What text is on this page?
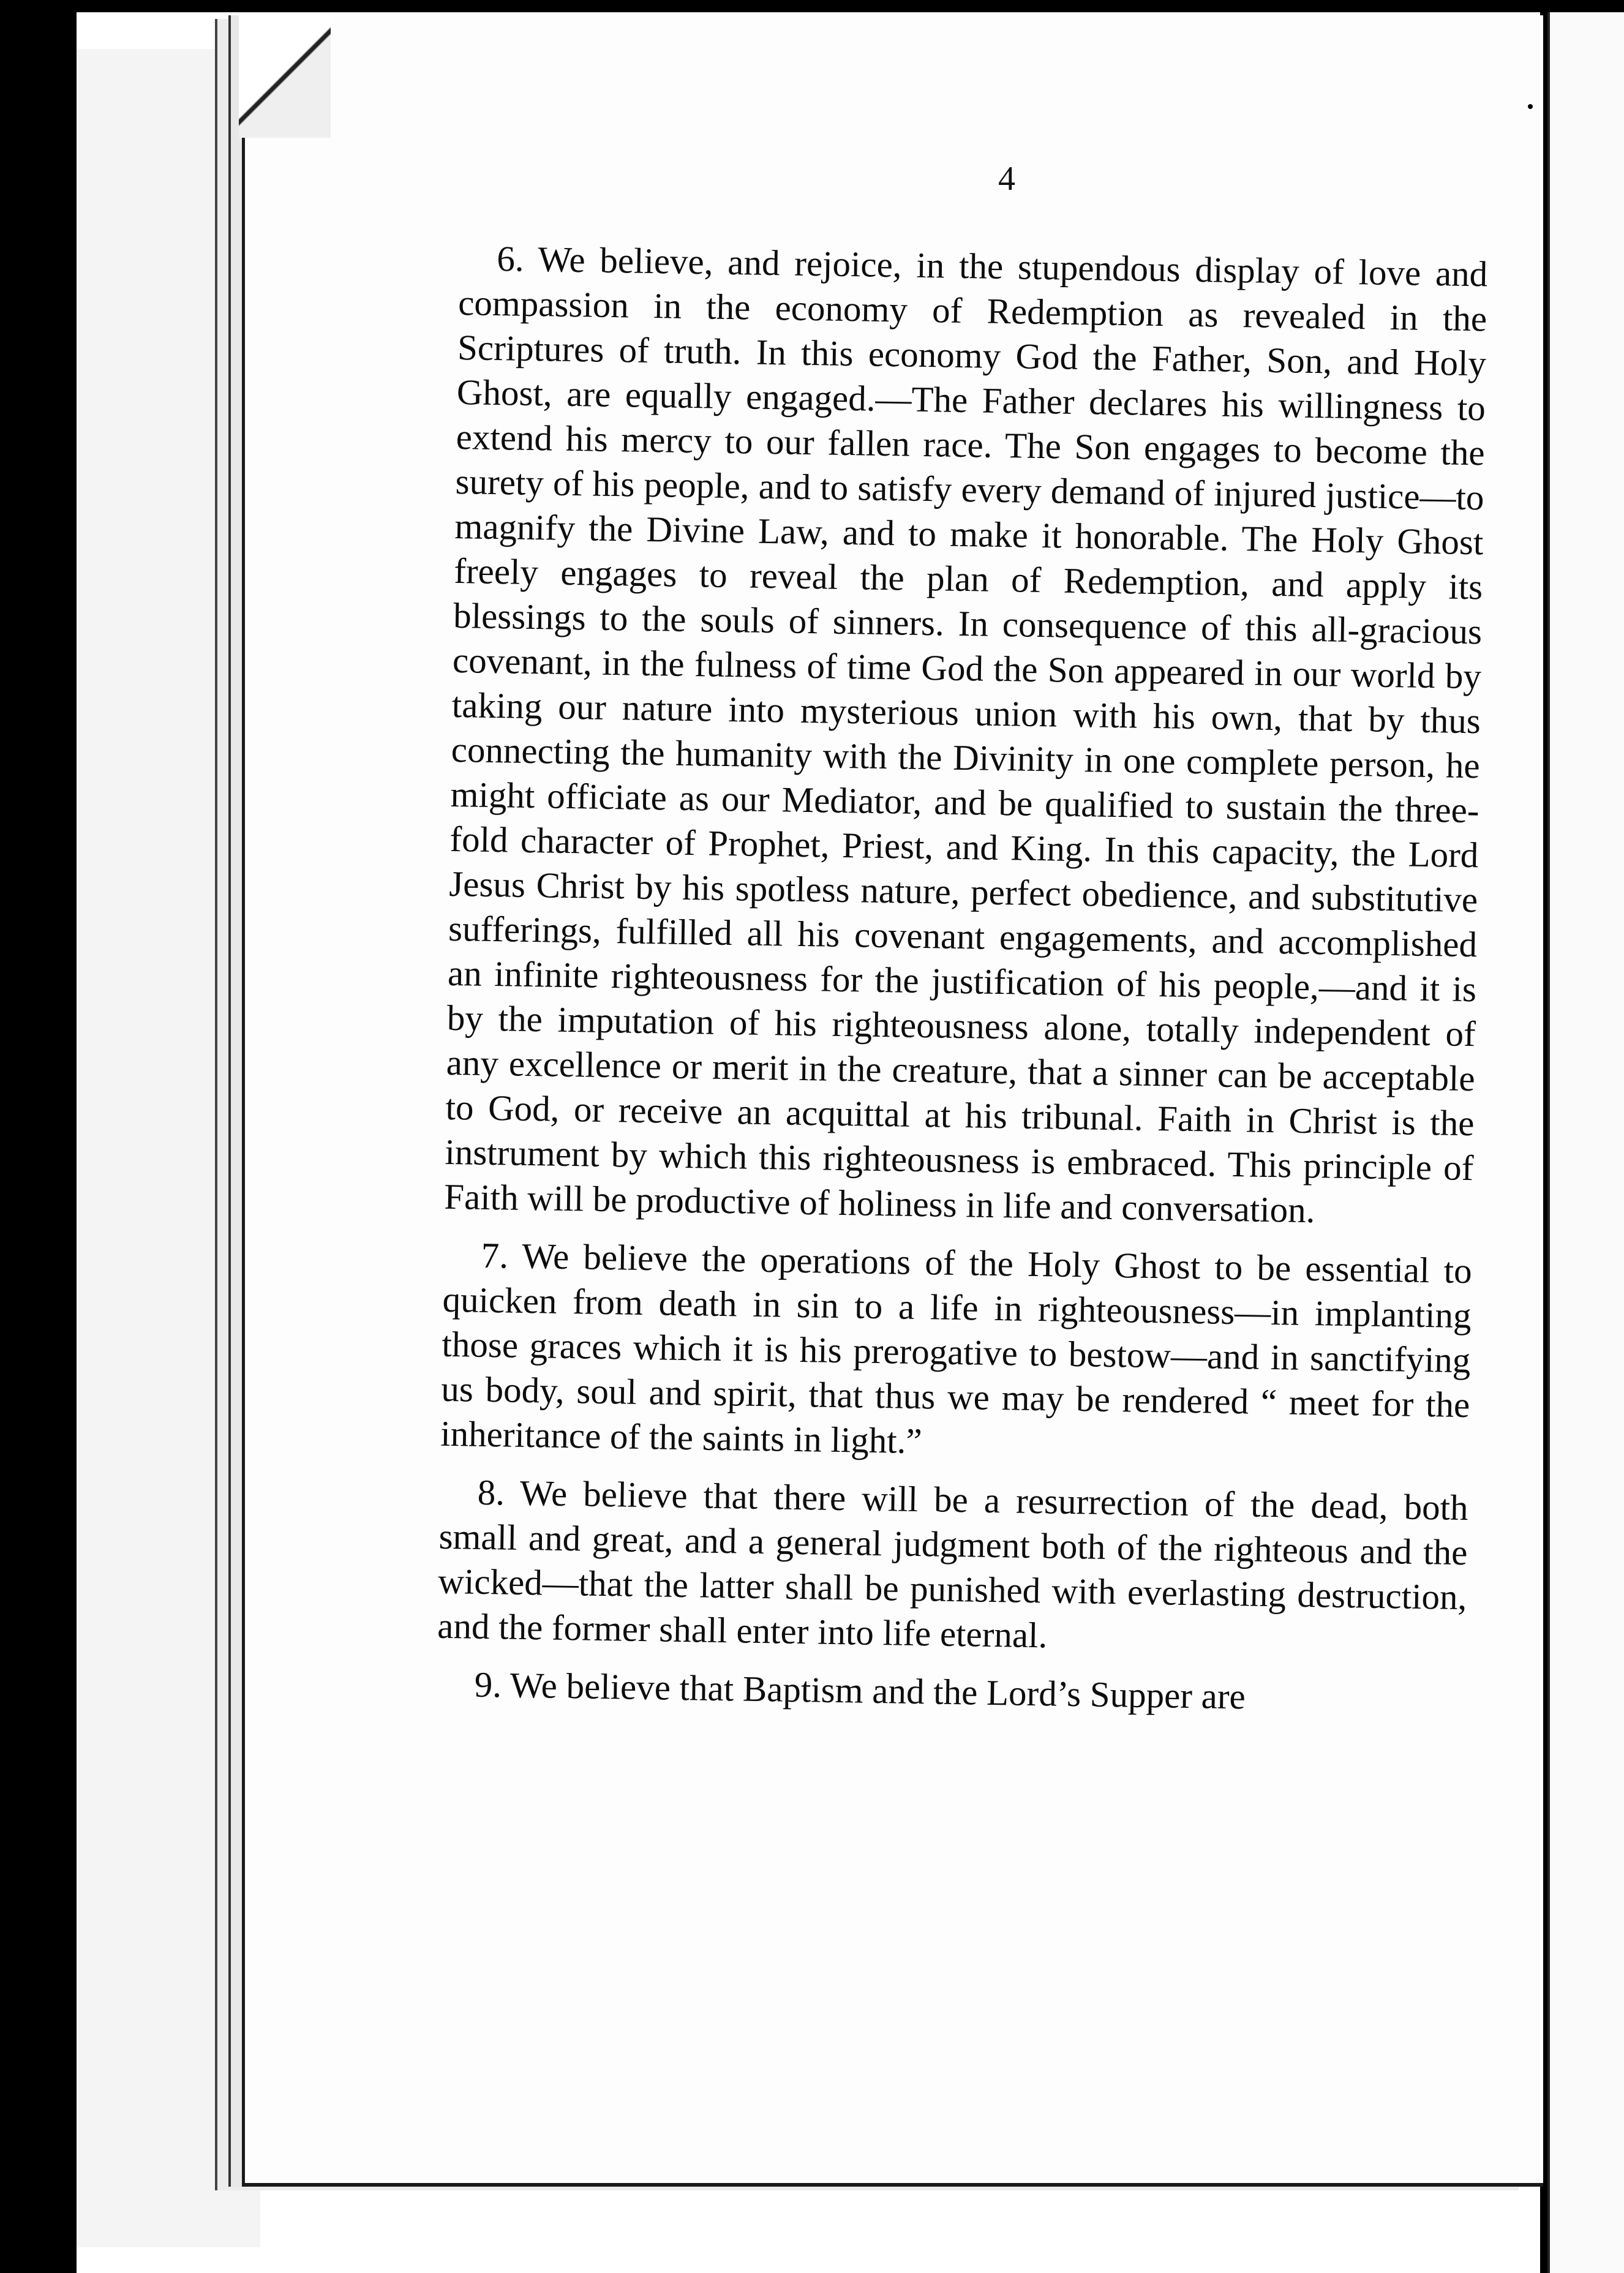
4

6. We believe, and rejoice, in the stupendous display of love and compassion in the economy of Redemption as revealed in the Scriptures of truth. In this economy God the Father, Son, and Holy Ghost, are equally engaged.—The Father declares his willingness to extend his mercy to our fallen race. The Son engages to become the surety of his people, and to satisfy every demand of injured justice—to magnify the Divine Law, and to make it honorable. The Holy Ghost freely engages to reveal the plan of Redemption, and apply its blessings to the souls of sinners. In consequence of this all-gracious covenant, in the fulness of time God the Son appeared in our world by taking our nature into mysterious union with his own, that by thus connecting the humanity with the Divinity in one complete person, he might officiate as our Mediator, and be qualified to sustain the three-fold character of Prophet, Priest, and King. In this capacity, the Lord Jesus Christ by his spotless nature, perfect obedience, and substitutive sufferings, fulfilled all his covenant engagements, and accomplished an infinite righteousness for the justification of his people,—and it is by the imputation of his righteousness alone, totally independent of any excellence or merit in the creature, that a sinner can be acceptable to God, or receive an acquittal at his tribunal. Faith in Christ is the instrument by which this righteousness is embraced. This principle of Faith will be productive of holiness in life and conversation.

7. We believe the operations of the Holy Ghost to be essential to quicken from death in sin to a life in righteousness—in implanting those graces which it is his prerogative to bestow—and in sanctifying us body, soul and spirit, that thus we may be rendered “ meet for the inheritance of the saints in light.”

8. We believe that there will be a resurrection of the dead, both small and great, and a general judgment both of the righteous and the wicked—that the latter shall be punished with everlasting destruction, and the former shall enter into life eternal.

9. We believe that Baptism and the Lord’s Supper are
